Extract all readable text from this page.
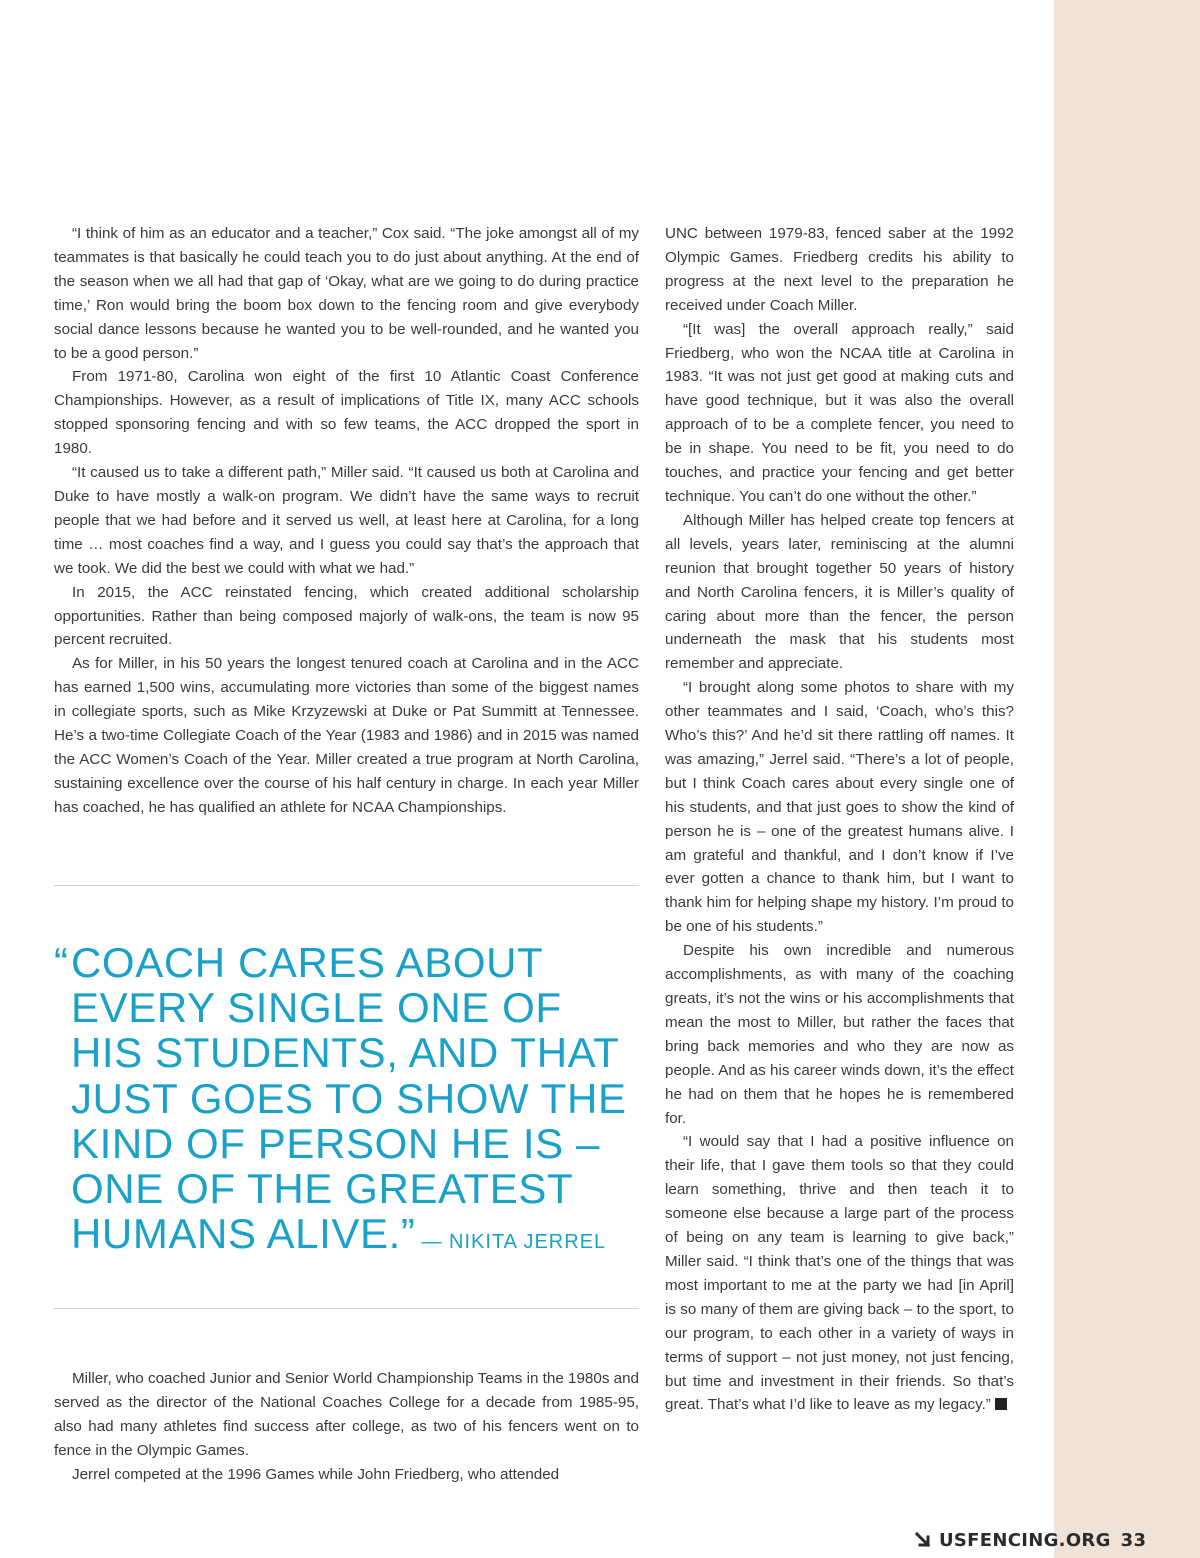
“I think of him as an educator and a teacher,” Cox said. “The joke amongst all of my teammates is that basically he could teach you to do just about anything. At the end of the season when we all had that gap of ‘Okay, what are we going to do during practice time,’ Ron would bring the boom box down to the fencing room and give everybody social dance lessons because he wanted you to be well-rounded, and he wanted you to be a good person.”

From 1971-80, Carolina won eight of the first 10 Atlantic Coast Conference Championships. However, as a result of implications of Title IX, many ACC schools stopped sponsoring fencing and with so few teams, the ACC dropped the sport in 1980.

“It caused us to take a different path,” Miller said. “It caused us both at Carolina and Duke to have mostly a walk-on program. We didn’t have the same ways to recruit people that we had before and it served us well, at least here at Carolina, for a long time … most coaches find a way, and I guess you could say that’s the approach that we took. We did the best we could with what we had.”

In 2015, the ACC reinstated fencing, which created additional scholarship opportunities. Rather than being composed majorly of walk-ons, the team is now 95 percent recruited.

As for Miller, in his 50 years the longest tenured coach at Carolina and in the ACC has earned 1,500 wins, accumulating more victories than some of the biggest names in collegiate sports, such as Mike Krzyzewski at Duke or Pat Summitt at Tennessee. He’s a two-time Collegiate Coach of the Year (1983 and 1986) and in 2015 was named the ACC Women’s Coach of the Year. Miller created a true program at North Carolina, sustaining excellence over the course of his half century in charge. In each year Miller has coached, he has qualified an athlete for NCAA Championships.

“ COACH CARES ABOUT
EVERY SINGLE ONE OF
HIS STUDENTS, AND THAT
JUST GOES TO SHOW THE
KIND OF PERSON HE IS –
ONE OF THE GREATEST
HUMANS ALIVE.” — NIKITA JERREL

Miller, who coached Junior and Senior World Championship Teams in the 1980s and served as the director of the National Coaches College for a decade from 1985-95, also had many athletes find success after college, as two of his fencers went on to fence in the Olympic Games.

Jerrel competed at the 1996 Games while John Friedberg, who attended

UNC between 1979-83, fenced saber at the 1992 Olympic Games. Friedberg credits his ability to progress at the next level to the preparation he received under Coach Miller.

“[It was] the overall approach really,” said Friedberg, who won the NCAA title at Carolina in 1983. “It was not just get good at making cuts and have good technique, but it was also the overall approach of to be a complete fencer, you need to be in shape. You need to be fit, you need to do touches, and practice your fencing and get better technique. You can’t do one without the other.”

Although Miller has helped create top fencers at all levels, years later, reminiscing at the alumni reunion that brought together 50 years of history and North Carolina fencers, it is Miller’s quality of caring about more than the fencer, the person underneath the mask that his students most remember and appreciate.

“I brought along some photos to share with my other teammates and I said, ‘Coach, who’s this? Who’s this?’ And he’d sit there rattling off names. It was amazing,” Jerrel said. “There’s a lot of people, but I think Coach cares about every single one of his students, and that just goes to show the kind of person he is – one of the greatest humans alive. I am grateful and thankful, and I don’t know if I’ve ever gotten a chance to thank him, but I want to thank him for helping shape my history. I’m proud to be one of his students.”

Despite his own incredible and numerous accomplishments, as with many of the coaching greats, it’s not the wins or his accomplishments that mean the most to Miller, but rather the faces that bring back memories and who they are now as people. And as his career winds down, it’s the effect he had on them that he hopes he is remembered for.

“I would say that I had a positive influence on their life, that I gave them tools so that they could learn something, thrive and then teach it to someone else because a large part of the process of being on any team is learning to give back,” Miller said. “I think that’s one of the things that was most important to me at the party we had [in April] is so many of them are giving back – to the sport, to our program, to each other in a variety of ways in terms of support – not just money, not just fencing, but time and investment in their friends. So that’s great. That’s what I’d like to leave as my legacy.”

USFENCING.ORG 33
